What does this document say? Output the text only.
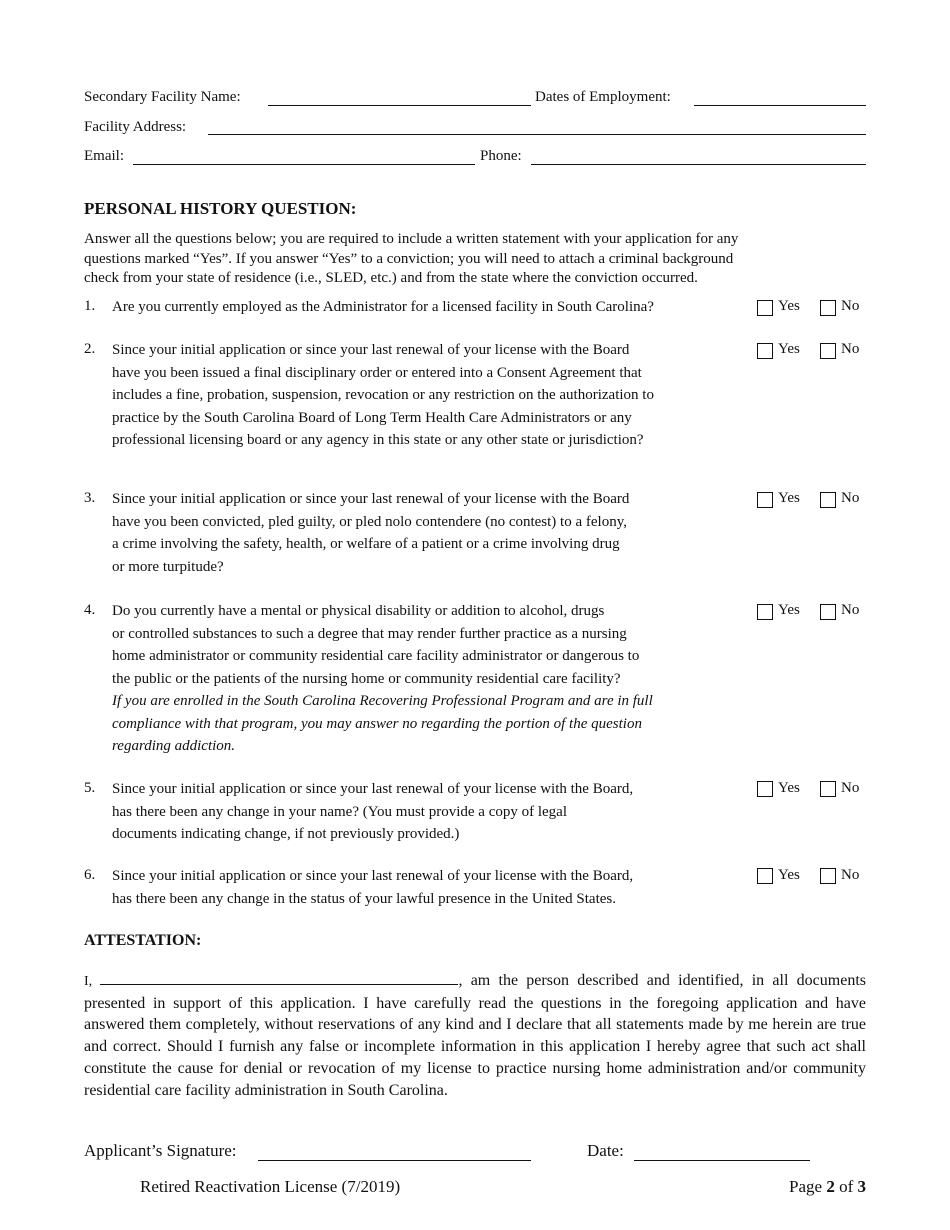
Secondary Facility Name:	Dates of Employment:
Facility Address:
Email:	Phone:
PERSONAL HISTORY QUESTION:
Answer all the questions below; you are required to include a written statement with your application for any
questions marked “Yes”. If you answer “Yes” to a conviction; you will need to attach a criminal background
check from your state of residence (i.e., SLED, etc.) and from the state where the conviction occurred.
1. Are you currently employed as the Administrator for a licensed facility in South Carolina?	Yes	No
2. Since your initial application or since your last renewal of your license with the Board
have you been issued a final disciplinary order or entered into a Consent Agreement that
includes a fine, probation, suspension, revocation or any restriction on the authorization to
practice by the South Carolina Board of Long Term Health Care Administrators or any
professional licensing board or any agency in this state or any other state or jurisdiction?
Yes	No
3. Since your initial application or since your last renewal of your license with the Board
have you been convicted, pled guilty, or pled nolo contendere (no contest) to a felony,
a crime involving the safety, health, or welfare of a patient or a crime involving drug
or more turpitude?
Yes	No
4. Do you currently have a mental or physical disability or addition to alcohol, drugs
or controlled substances to such a degree that may render further practice as a nursing
home administrator or community residential care facility administrator or dangerous to
the public or the patients of the nursing home or community residential care facility?
If you are enrolled in the South Carolina Recovering Professional Program and are in full
compliance with that program, you may answer no regarding the portion of the question
regarding addiction.
Yes	No
5. Since your initial application or since your last renewal of your license with the Board,
has there been any change in your name? (You must provide a copy of legal
documents indicating change, if not previously provided.)
Yes	No
6. Since your initial application or since your last renewal of your license with the Board,
has there been any change in the status of your lawful presence in the United States.
Yes	No
ATTESTATION:
I,	, am the person described and identified, in all documents presented in support of this application. I have carefully read the questions in the foregoing application and have answered them completely, without reservations of any kind and I declare that all statements made by me herein are true and correct. Should I furnish any false or incomplete information in this application I hereby agree that such act shall constitute the cause for denial or revocation of my license to practice nursing home administration and/or community residential care facility administration in South Carolina.
Applicant’s Signature:	Date:
Retired Reactivation License (7/2019)	Page 2 of 3
